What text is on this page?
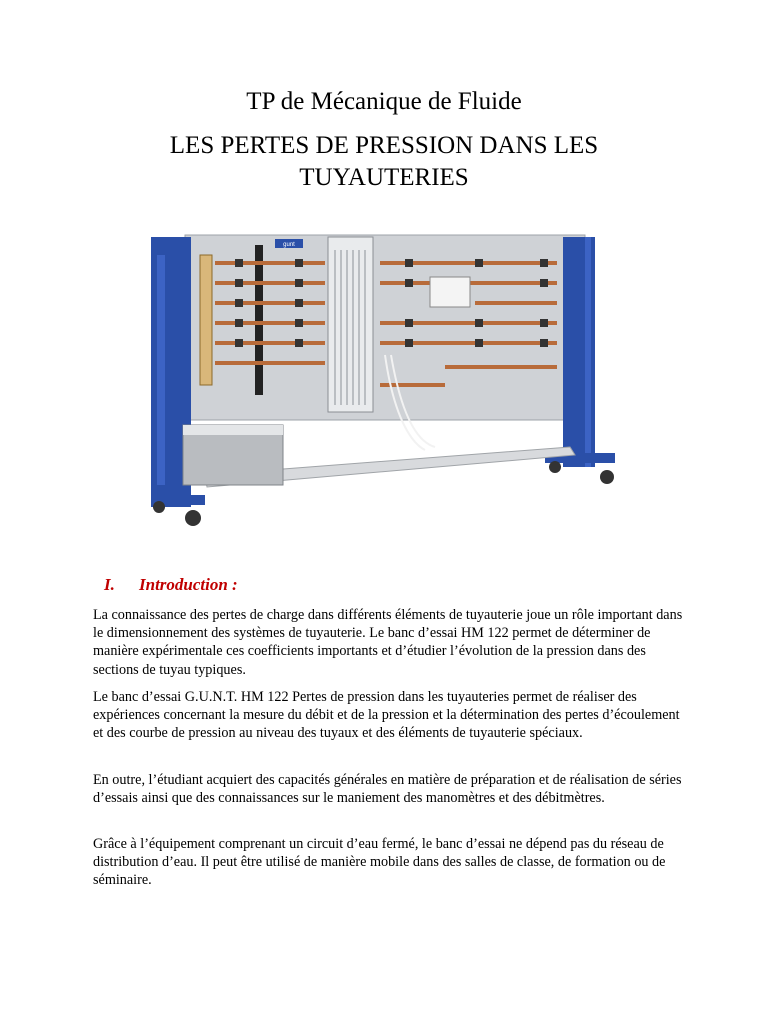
TP de Mécanique de Fluide
LES PERTES DE PRESSION DANS LES TUYAUTERIES
gunt
I. Introduction :

La connaissance des pertes de charge dans différents éléments de tuyauterie joue un rôle important dans le dimensionnement des systèmes de tuyauterie. Le banc d’essai HM 122 permet de déterminer de manière expérimentale ces coefficients importants et d’étudier l’évolution de la pression dans des sections de tuyau typiques.

Le banc d’essai G.U.N.T. HM 122 Pertes de pression dans les tuyauteries permet de réaliser des expériences concernant la mesure du débit et de la pression et la détermination des pertes d’écoulement et des courbe de pression au niveau des tuyaux et des éléments de tuyauterie spéciaux.

En outre, l’étudiant acquiert des capacités générales en matière de préparation et de réalisation de séries d’essais ainsi que des connaissances sur le maniement des manomètres et des débitmètres.

Grâce à l’équipement comprenant un circuit d’eau fermé, le banc d’essai ne dépend pas du réseau de distribution d’eau. Il peut être utilisé de manière mobile dans des salles de classe, de formation ou de séminaire.
